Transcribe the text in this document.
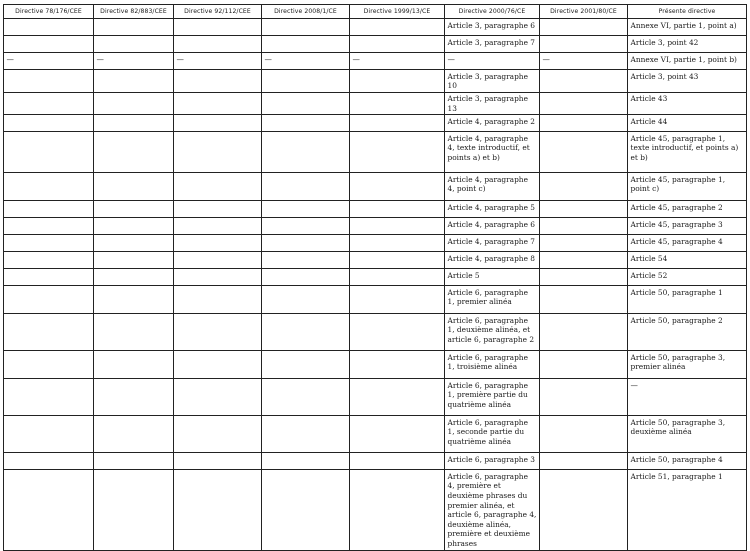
Directive 78/176/CEE	Directive 82/883/CEE	Directive 92/112/CEE	Directive 2008/1/CE	Directive 1999/13/CE	Directive 2000/76/CE	Directive 2001/80/CE	Présente directive
					Article 3, paragraphe 6		Annexe VI, partie 1, point a)
					Article 3, paragraphe 7		Article 3, point 42
—	—	—	—	—	—	—	Annexe VI, partie 1, point b)
					Article 3, paragraphe 10		Article 3, point 43
					Article 3, paragraphe 13		Article 43
					Article 4, paragraphe 2		Article 44
					Article 4, paragraphe 4, texte introductif, et points a) et b)		Article 45, paragraphe 1, texte introductif, et points a) et b)
					Article 4, paragraphe 4, point c)		Article 45, paragraphe 1, point c)
					Article 4, paragraphe 5		Article 45, paragraphe 2
					Article 4, paragraphe 6		Article 45, paragraphe 3
					Article 4, paragraphe 7		Article 45, paragraphe 4
					Article 4, paragraphe 8		Article 54
					Article 5		Article 52
					Article 6, paragraphe 1, premier alinéa		Article 50, paragraphe 1
					Article 6, paragraphe 1, deuxième alinéa, et article 6, paragraphe 2		Article 50, paragraphe 2
					Article 6, paragraphe 1, troisième alinéa		Article 50, paragraphe 3, premier alinéa
					Article 6, paragraphe 1, première partie du quatrième alinéa		—
					Article 6, paragraphe 1, seconde partie du quatrième alinéa		Article 50, paragraphe 3, deuxième alinéa
					Article 6, paragraphe 3		Article 50, paragraphe 4
					Article 6, paragraphe 4, première et deuxième phrases du premier alinéa, et article 6, paragraphe 4, deuxième alinéa, première et deuxième phrases		Article 51, paragraphe 1
